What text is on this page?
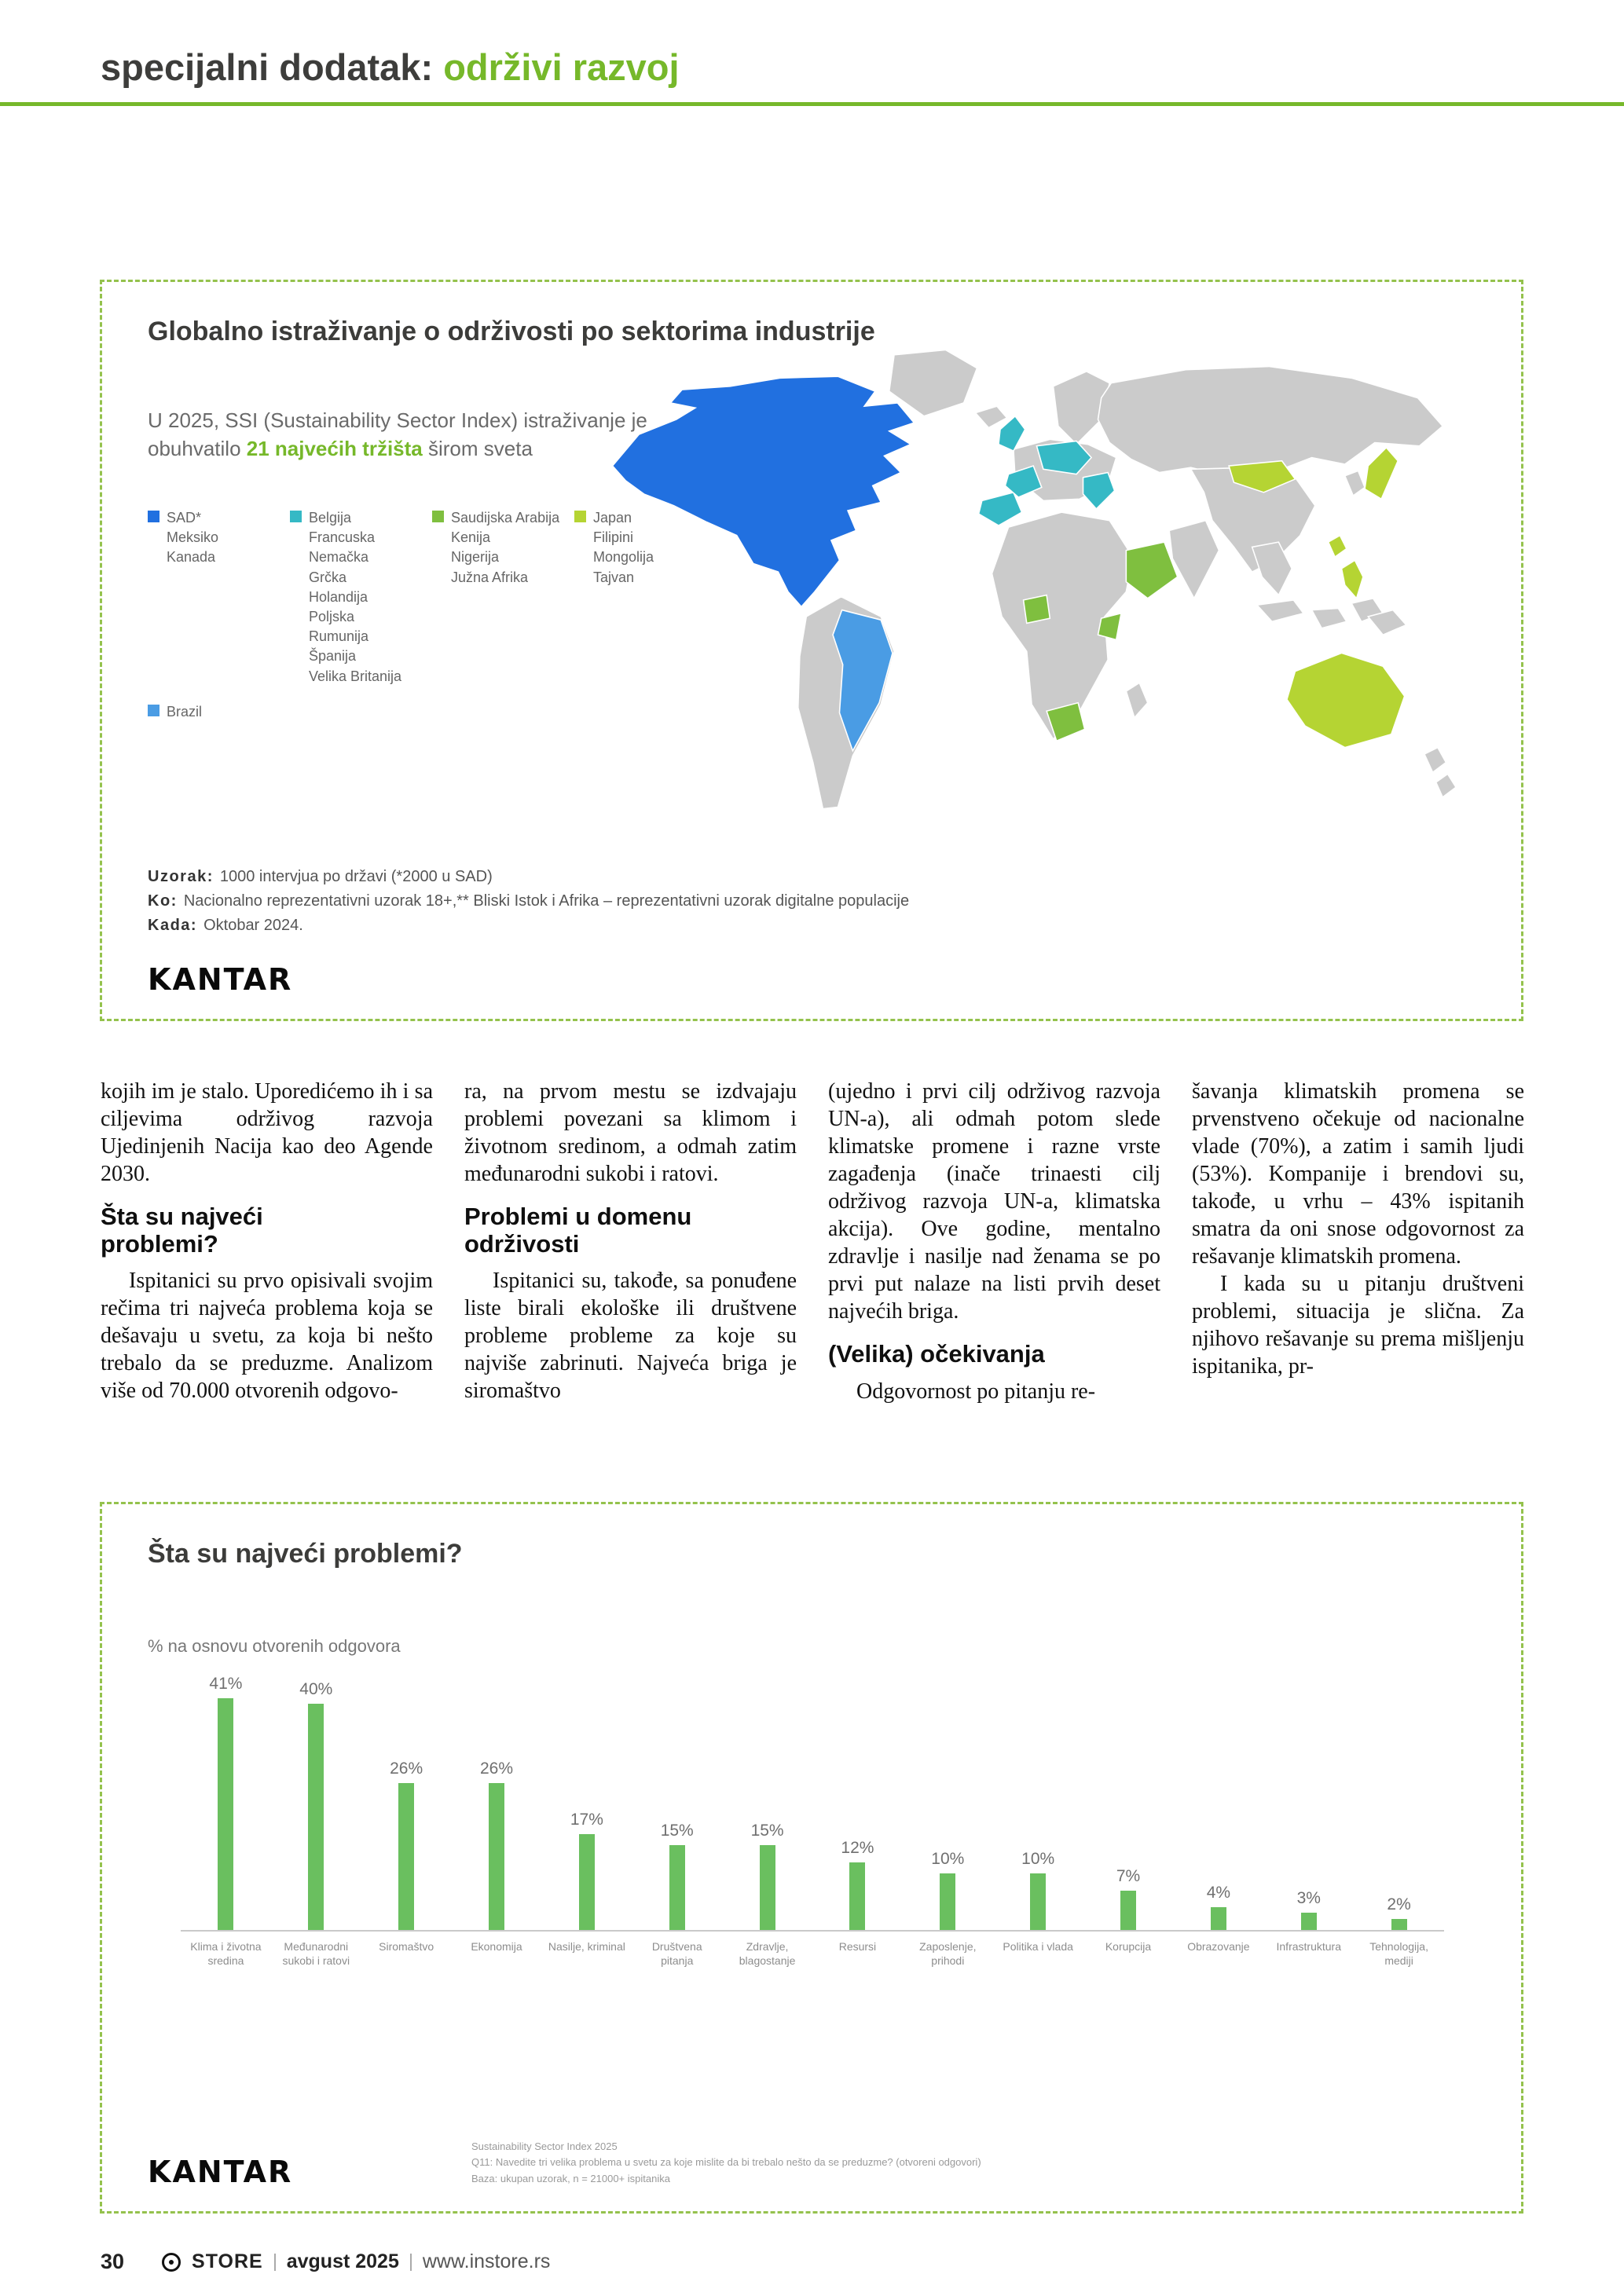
specijalni dodatak: održivi razvoj
Globalno istraživanje o održivosti po sektorima industrije

U 2025, SSI (Sustainability Sector Index) istraživanje je obuhvatilo 21 najvećih tržišta širom sveta

SAD*
Meksiko
Kanada
Belgija
Francuska
Nemačka
Grčka
Holandija
Poljska
Rumunija
Španija
Velika Britanija
Saudijska Arabija
Kenija
Nigerija
Južna Afrika
Japan
Filipini
Mongolija
Tajvan
Brazil
Uzorak: 1000 intervjua po državi (*2000 u SAD)
Ko: Nacionalno reprezentativni uzorak 18+,** Bliski Istok i Afrika – reprezentativni uzorak digitalne populacije
Kada: Oktobar 2024.
KANTAR

kojih im je stalo. Uporedićemo ih i sa ciljevima održivog razvoja Ujedinjenih Nacija kao deo Agende 2030.

Šta su najveći problemi?

Ispitanici su prvo opisivali svojim rečima tri najveća problema koja se dešavaju u svetu, za koja bi nešto trebalo da se preduzme. Analizom više od 70.000 otvorenih odgovo-

ra, na prvom mestu se izdvajaju problemi povezani sa klimom i životnom sredinom, a odmah zatim međunarodni sukobi i ratovi.

Problemi u domenu održivosti

Ispitanici su, takođe, sa ponuđene liste birali ekološke ili društvene probleme probleme za koje su najviše zabrinuti. Najveća briga je siromaštvo

(ujedno i prvi cilj održivog razvoja UN-a), ali odmah potom slede klimatske promene i razne vrste zagađenja (inače trinaesti cilj održivog razvoja UN-a, klimatska akcija). Ove godine, mentalno zdravlje i nasilje nad ženama se po prvi put nalaze na listi prvih deset najvećih briga.

(Velika) očekivanja

Odgovornost po pitanju re-

šavanja klimatskih promena se prvenstveno očekuje od nacionalne vlade (70%), a zatim i samih ljudi (53%). Kompanije i brendovi su, takođe, u vrhu – 43% ispitanih smatra da oni snose odgovornost za rešavanje klimatskih promena.

I kada su u pitanju društveni problemi, situacija je slična. Za njihovo rešavanje su prema mišljenju ispitanika, pr-

Šta su najveći problemi?
% na osnovu otvorenih odgovora
41%
Klima i životna sredina
40%
Međunarodni sukobi i ratovi
26%
Siromaštvo
26%
Ekonomija
17%
Nasilje, kriminal
15%
Društvena pitanja
15%
Zdravlje, blagostanje
12%
Resursi
10%
Zaposlenje, prihodi
10%
Politika i vlada
7%
Korupcija
4%
Obrazovanje
3%
Infrastruktura
2%
Tehnologija, mediji
KANTAR
Sustainability Sector Index 2025
Q11: Navedite tri velika problema u svetu za koje mislite da bi trebalo nešto da se preduzme? (otvoreni odgovori)
Baza: ukupan uzorak, n = 21000+ ispitanika
30	STORE avgust 2025 www.instore.rs
